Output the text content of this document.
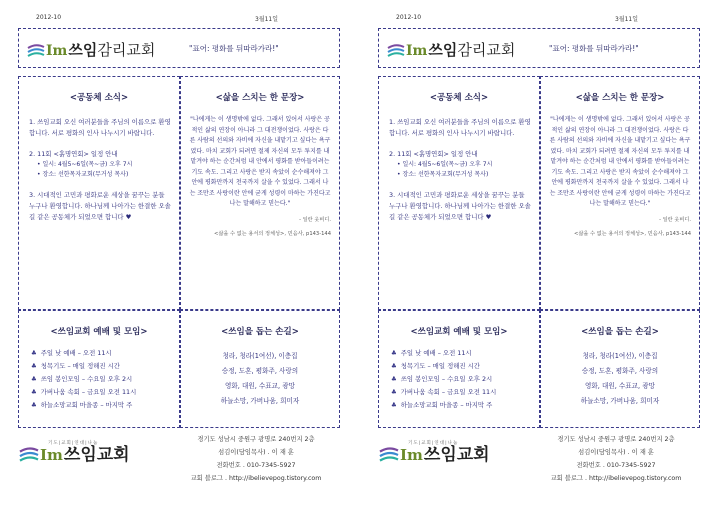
2012-10	3월11일
Im 쓰임 감리교회	"표어: 평화를 뒤따라가라!"
<공동체 소식>
1. 쓰임교회 오신 여러분들을 주님의 이름으로 환영합니다. 서로 평화의 인사 나누시기 바랍니다.
2. 11회 <흙명연회> 일정 안내
• 일시: 4월5~6일(목~금) 오후 7시
• 장소: 선한목자교회(무거성 목사)
3. 시대적인 고민과 평화로운 세상을 꿈꾸는 분들 누구나 환영합니다. 하나님께 나아가는 한결한 오솔길 같은 공동체가 되었으면 합니다 ♥
<삶을 스치는 한 문장>
"나에게는 이 생명밖에 없다. 그래서 있어서 사랑은 공적인 삶의 연장이 아니라 그 대전쟁이었다. 사랑은 다른 사람의 선의와 자비에 자신을 내맡기고 싶다는 욕구였다. 마치 교회가 되려면 절제 자신의 모두 투지를 내맡겨야 하는 순간처럼 내 안에서 평화를 받아들이려는 기도 속도. 그리고 사랑은 받지 속았이 순수해져야 그 안에 평화만까지 천국까지 살을 수 있었다. 그래서 나는 조만조 사랑이란 안에 굳게 성령이 마하는 가진다고 나는 말해하고 믿는다."
- 일란 웃비디.
<삶을 수 없는 용서의 정체성>, 민음사, p143-144
<쓰임교회 예배 및 모임>
♣ 주일 낮 예배 – 오전 11시
♣ 청목기도 – 매일 정해진 시간
♣ 쓰임 봉인모임 – 수요일 오후 2시
♣ 가버나움 속회 – 금요일 오전 11시
♣ 하늘소망교회 마을종 – 마지막 주
<쓰임을 돕는 손길>
청라, 청라(1여선), 이층집
승정, 도혼, 평화주, 사랑의
영화, 대원, 수표교, 광망
하늘소망, 가버나움, 희미자
기도|교회|연대|나눔
Im 쓰임교회
경기도 성남시 중원구 광명로 240번지 2층
섬김이(담임목사) . 이 재 훈
전화번호 . 010-7345-5927
교회 블로그 . http://ibelievepog.tistory.com
2012-10	3월11일
Im 쓰임 감리교회	"표어: 평화를 뒤따라가라!"
<공동체 소식>
1. 쓰임교회 오신 여러분들을 주님의 이름으로 환영합니다. 서로 평화의 인사 나누시기 바랍니다.
2. 11회 <흙명연회> 일정 안내
• 일시: 4월5~6일(목~금) 오후 7시
• 장소: 선한목자교회(무거성 목사)
3. 시대적인 고민과 평화로운 세상을 꿈꾸는 분들 누구나 환영합니다. 하나님께 나아가는 한결한 오솔길 같은 공동체가 되었으면 합니다 ♥
<삶을 스치는 한 문장>
"나에게는 이 생명밖에 없다. 그래서 있어서 사랑은 공적인 삶의 연장이 아니라 그 대전쟁이었다. 사랑은 다른 사람의 선의와 자비에 자신을 내맡기고 싶다는 욕구였다. 마치 교회가 되려면 절제 자신의 모두 투지를 내맡겨야 하는 순간처럼 내 안에서 평화를 받아들이려는 기도 속도. 그리고 사랑은 받지 속았이 순수해져야 그 안에 평화만까지 천국까지 살을 수 있었다. 그래서 나는 조만조 사랑이란 안에 굳게 성령이 마하는 가진다고 나는 말해하고 믿는다."
- 일란 웃비디.
<삶을 수 없는 용서의 정체성>, 민음사, p143-144
<쓰임교회 예배 및 모임>
♣ 주일 낮 예배 – 오전 11시
♣ 청목기도 – 매일 정해진 시간
♣ 쓰임 봉인모임 – 수요일 오후 2시
♣ 가버나움 속회 – 금요일 오전 11시
♣ 하늘소망교회 마을종 – 마지막 주
<쓰임을 돕는 손길>
청라, 청라(1여선), 이층집
승정, 도혼, 평화주, 사랑의
영화, 대원, 수표교, 광망
하늘소망, 가버나움, 희미자
기도|교회|연대|나눔
Im 쓰임교회
경기도 성남시 중원구 광명로 240번지 2층
섬김이(담임목사) . 이 재 훈
전화번호 . 010-7345-5927
교회 블로그 . http://ibelievepog.tistory.com
